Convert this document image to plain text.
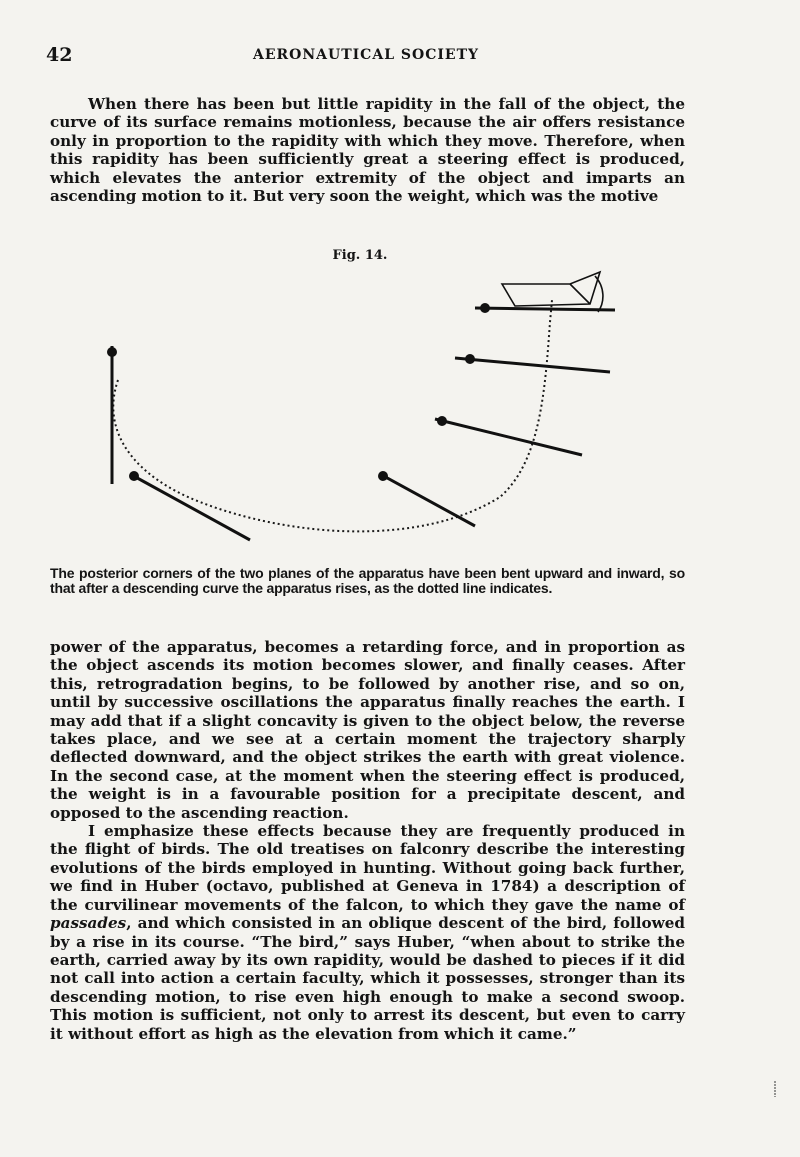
42	AERONAUTICAL SOCIETY

When there has been but little rapidity in the fall of the object, the curve of its surface remains motionless, because the air offers resistance only in proportion to the rapidity with which they move. Therefore, when this rapidity has been sufficiently great a steering effect is produced, which elevates the anterior extremity of the object and imparts an ascending motion to it. But very soon the weight, which was the motive

Fig. 14.

The posterior corners of the two planes of the apparatus have been bent upward and inward, so that after a descending curve the apparatus rises, as the dotted line indicates.

power of the apparatus, becomes a retarding force, and in proportion as the object ascends its motion becomes slower, and finally ceases. After this, retrogradation begins, to be followed by another rise, and so on, until by successive oscillations the apparatus finally reaches the earth. I may add that if a slight concavity is given to the object below, the reverse takes place, and we see at a certain moment the trajectory sharply deflected downward, and the object strikes the earth with great violence. In the second case, at the moment when the steering effect is produced, the weight is in a favourable position for a precipitate descent, and opposed to the ascending reaction.

I emphasize these effects because they are frequently produced in the flight of birds. The old treatises on falconry describe the interesting evolutions of the birds employed in hunting. Without going back further, we find in Huber (octavo, published at Geneva in 1784) a description of the curvilinear movements of the falcon, to which they gave the name of passades, and which consisted in an oblique descent of the bird, followed by a rise in its course. “The bird,” says Huber, “when about to strike the earth, carried away by its own rapidity, would be dashed to pieces if it did not call into action a certain faculty, which it possesses, stronger than its descending motion, to rise even high enough to make a second swoop. This motion is sufficient, not only to arrest its descent, but even to carry it without effort as high as the elevation from which it came.”
